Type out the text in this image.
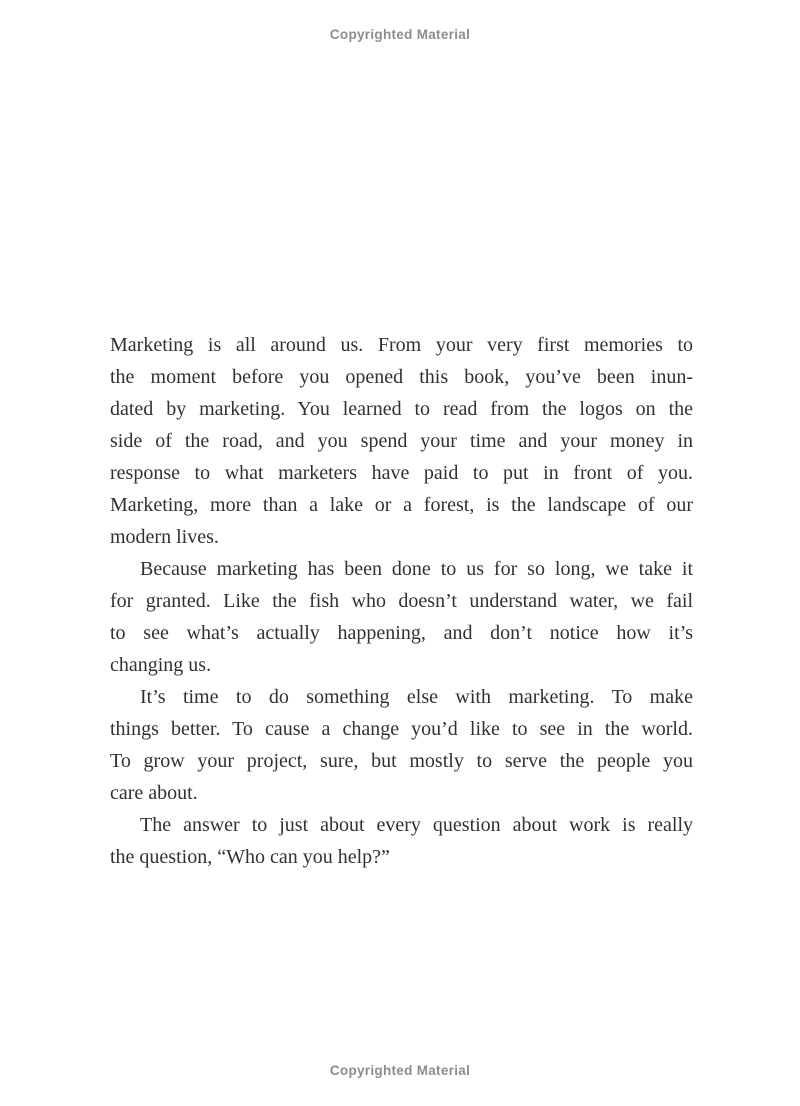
Copyrighted Material
Marketing is all around us. From your very first memories to
the moment before you opened this book, you’ve been inun-
dated by marketing. You learned to read from the logos on the
side of the road, and you spend your time and your money in
response to what marketers have paid to put in front of you.
Marketing, more than a lake or a forest, is the landscape of our
modern lives.
Because marketing has been done to us for so long, we take it
for granted. Like the fish who doesn’t understand water, we fail
to see what’s actually happening, and don’t notice how it’s
changing us.
It’s time to do something else with marketing. To make
things better. To cause a change you’d like to see in the world.
To grow your project, sure, but mostly to serve the people you
care about.
The answer to just about every question about work is really
the question, “Who can you help?”
Copyrighted Material
